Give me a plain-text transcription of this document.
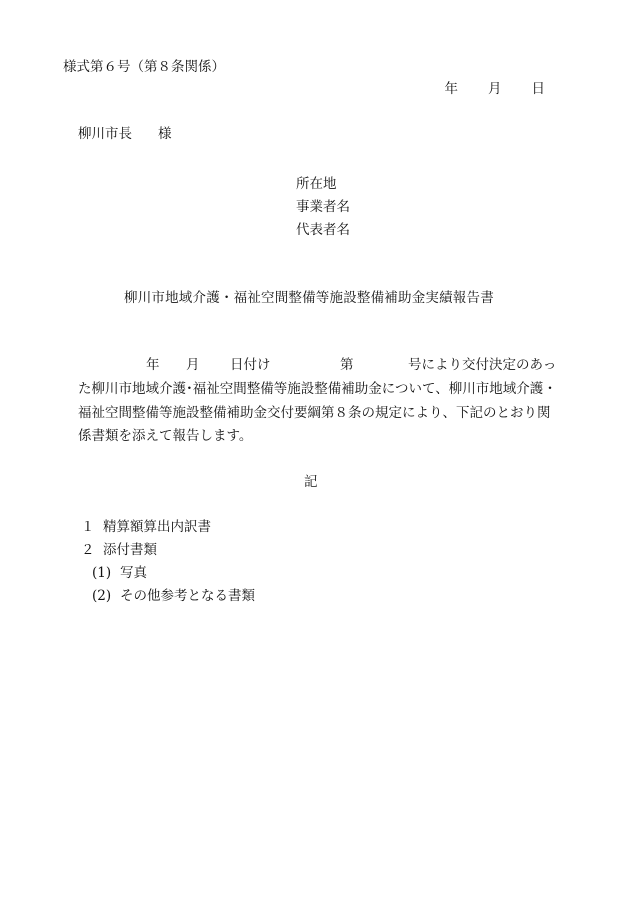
様式第６号（第８条関係）
年 月 日
柳川市長 様
所在地
事業者名
代表者名
柳川市地域介護・福祉空間整備等施設整備補助金実績報告書
年 月 日付け	第	号により交付決定のあっ
た柳川市地域介護･福祉空間整備等施設整備補助金について、柳川市地域介護・
福祉空間整備等施設整備補助金交付要綱第８条の規定により、下記のとおり関
係書類を添えて報告します。
記
１ 精算額算出内訳書
２ 添付書類
(1) 写真
(2) その他参考となる書類
